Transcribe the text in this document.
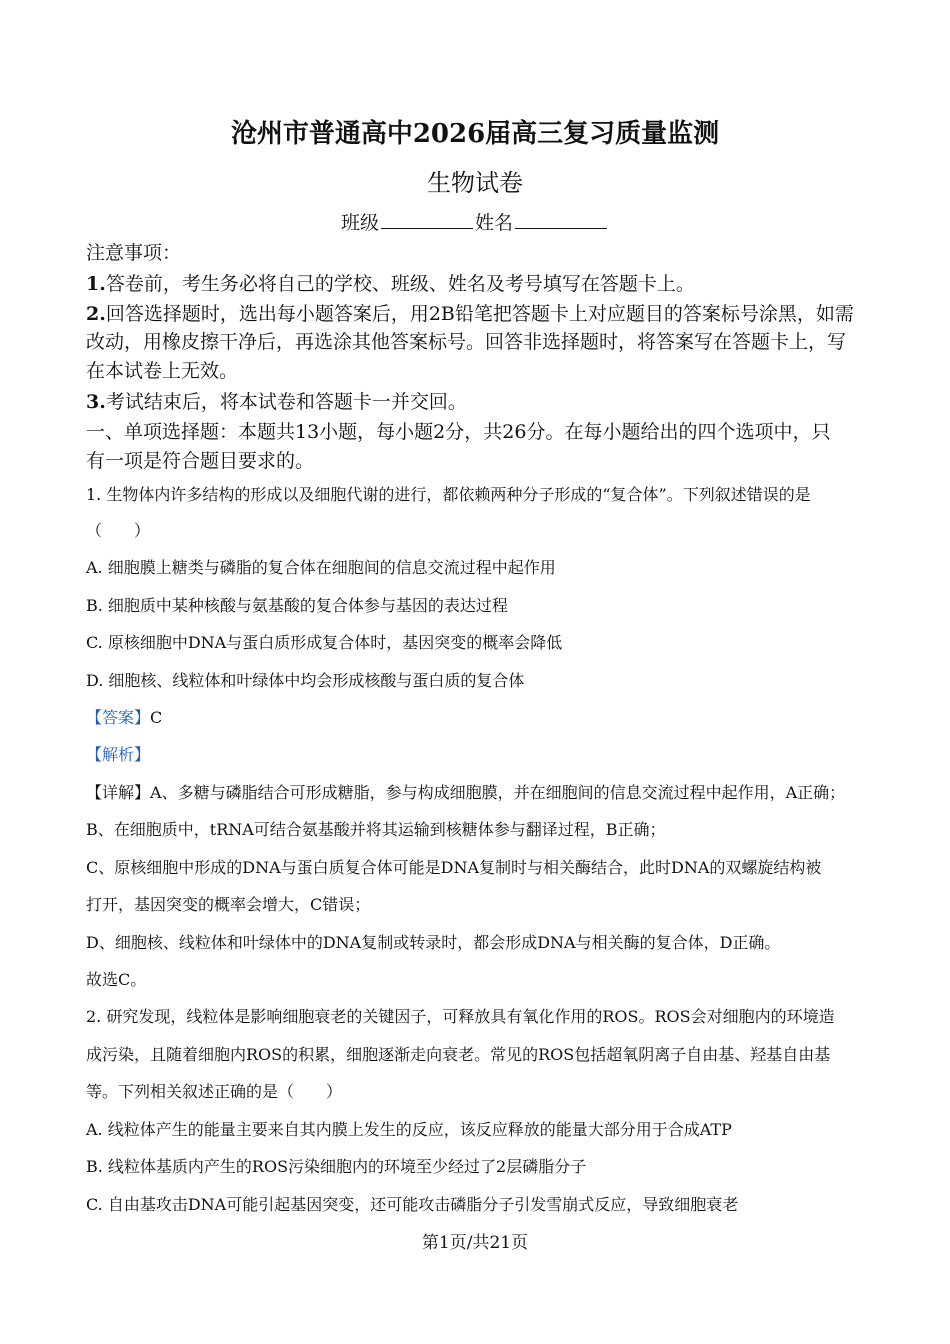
沧州市普通高中2026届高三复习质量监测
生物试卷
班级	姓名
注意事项：
1.答卷前，考生务必将自己的学校、班级、姓名及考号填写在答题卡上。
2.回答选择题时，选出每小题答案后，用2B铅笔把答题卡上对应题目的答案标号涂黑，如需
改动，用橡皮擦干净后，再选涂其他答案标号。回答非选择题时，将答案写在答题卡上，写
在本试卷上无效。
3.考试结束后，将本试卷和答题卡一并交回。
一、单项选择题：本题共13小题，每小题2分，共26分。在每小题给出的四个选项中，只
有一项是符合题目要求的。
1. 生物体内许多结构的形成以及细胞代谢的进行，都依赖两种分子形成的“复合体”。下列叙述错误的是
（　　）
A. 细胞膜上糖类与磷脂的复合体在细胞间的信息交流过程中起作用
B. 细胞质中某种核酸与氨基酸的复合体参与基因的表达过程
C. 原核细胞中DNA与蛋白质形成复合体时，基因突变的概率会降低
D. 细胞核、线粒体和叶绿体中均会形成核酸与蛋白质的复合体
【答案】C
【解析】
【详解】A、多糖与磷脂结合可形成糖脂，参与构成细胞膜，并在细胞间的信息交流过程中起作用，A正确；
B、在细胞质中，tRNA可结合氨基酸并将其运输到核糖体参与翻译过程，B正确；
C、原核细胞中形成的DNA与蛋白质复合体可能是DNA复制时与相关酶结合，此时DNA的双螺旋结构被
打开，基因突变的概率会增大，C错误；
D、细胞核、线粒体和叶绿体中的DNA复制或转录时，都会形成DNA与相关酶的复合体，D正确。
故选C。
2. 研究发现，线粒体是影响细胞衰老的关键因子，可释放具有氧化作用的ROS。ROS会对细胞内的环境造
成污染，且随着细胞内ROS的积累，细胞逐渐走向衰老。常见的ROS包括超氧阴离子自由基、羟基自由基
等。下列相关叙述正确的是（　　）
A. 线粒体产生的能量主要来自其内膜上发生的反应，该反应释放的能量大部分用于合成ATP
B. 线粒体基质内产生的ROS污染细胞内的环境至少经过了2层磷脂分子
C. 自由基攻击DNA可能引起基因突变，还可能攻击磷脂分子引发雪崩式反应，导致细胞衰老
第1页/共21页
